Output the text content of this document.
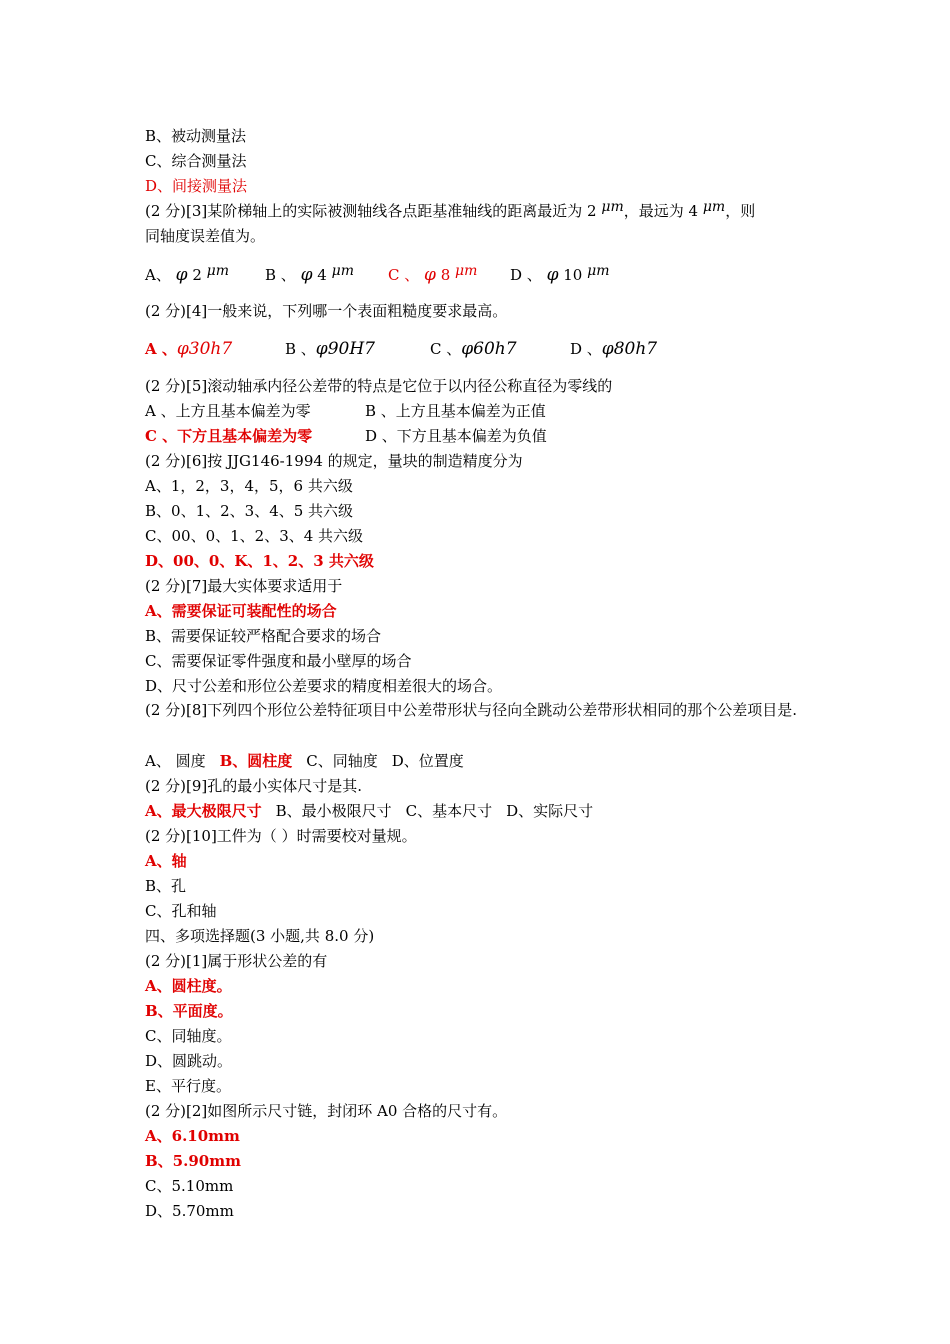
B、被动测量法
C、综合测量法
D、间接测量法
(2 分)[3]某阶梯轴上的实际被测轴线各点距基准轴线的距离最近为 2 μm，最远为 4 μm，则
同轴度误差值为。
A、 φ 2 μm B 、 φ 4 μm C 、 φ 8 μm D 、 φ 10 μm
(2 分)[4]一般来说，下列哪一个表面粗糙度要求最高。
A 、φ30h7	B 、φ90H7	C 、φ60h7	D 、φ80h7
(2 分)[5]滚动轴承内径公差带的特点是它位于以内径公称直径为零线的
A 、上方且基本偏差为零	B 、上方且基本偏差为正值
C 、下方且基本偏差为零	D 、下方且基本偏差为负值
(2 分)[6]按 JJG146-1994 的规定，量块的制造精度分为
A、1，2，3，4，5，6 共六级
B、0、1、2、3、4、5 共六级
C、00、0、1、2、3、4 共六级
D、00、0、K、1、2、3 共六级
(2 分)[7]最大实体要求适用于
A、需要保证可装配性的场合
B、需要保证较严格配合要求的场合
C、需要保证零件强度和最小壁厚的场合
D、尺寸公差和形位公差要求的精度相差很大的场合。
(2 分)[8]下列四个形位公差特征项目中公差带形状与径向全跳动公差带形状相同的那个公差项目是.
A、 圆度 B、圆柱度 C、同轴度 D、位置度
(2 分)[9]孔的最小实体尺寸是其.
A、最大极限尺寸 B、最小极限尺寸 C、基本尺寸 D、实际尺寸
(2 分)[10]工件为（ ）时需要校对量规。
A、轴
B、孔
C、孔和轴
四、多项选择题(3 小题,共 8.0 分)
(2 分)[1]属于形状公差的有
A、圆柱度。
B、平面度。
C、同轴度。
D、圆跳动。
E、平行度。
(2 分)[2]如图所示尺寸链，封闭环 A0 合格的尺寸有。
A、6.10mm
B、5.90mm
C、5.10mm
D、5.70mm
